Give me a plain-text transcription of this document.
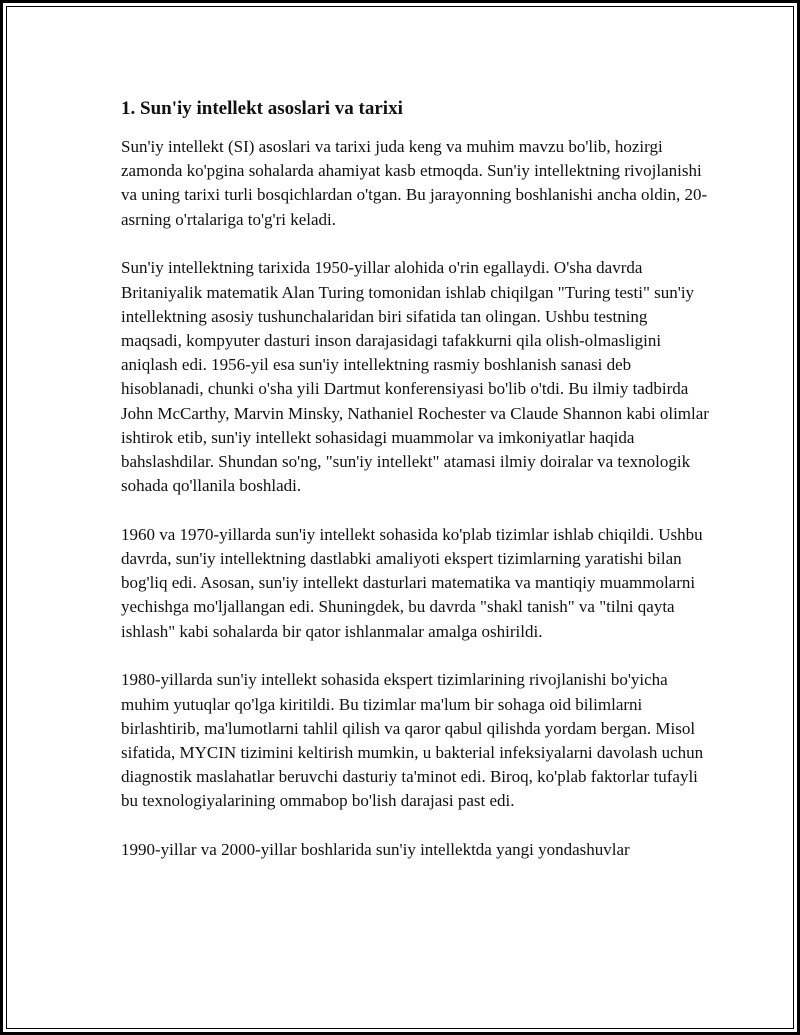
1. Sun'iy intellekt asoslari va tarixi

Sun'iy intellekt (SI) asoslari va tarixi juda keng va muhim mavzu bo'lib, hozirgi zamonda ko'pgina sohalarda ahamiyat kasb etmoqda. Sun'iy intellektning rivojlanishi va uning tarixi turli bosqichlardan o'tgan. Bu jarayonning boshlanishi ancha oldin, 20-asrning o'rtalariga to'g'ri keladi.

Sun'iy intellektning tarixida 1950-yillar alohida o'rin egallaydi. O'sha davrda Britaniyalik matematik Alan Turing tomonidan ishlab chiqilgan "Turing testi" sun'iy intellektning asosiy tushunchalaridan biri sifatida tan olingan. Ushbu testning maqsadi, kompyuter dasturi inson darajasidagi tafakkurni qila olish-olmasligini aniqlash edi. 1956-yil esa sun'iy intellektning rasmiy boshlanish sanasi deb hisoblanadi, chunki o'sha yili Dartmut konferensiyasi bo'lib o'tdi. Bu ilmiy tadbirda John McCarthy, Marvin Minsky, Nathaniel Rochester va Claude Shannon kabi olimlar ishtirok etib, sun'iy intellekt sohasidagi muammolar va imkoniyatlar haqida bahslashdilar. Shundan so'ng, "sun'iy intellekt" atamasi ilmiy doiralar va texnologik sohada qo'llanila boshladi.

1960 va 1970-yillarda sun'iy intellekt sohasida ko'plab tizimlar ishlab chiqildi. Ushbu davrda, sun'iy intellektning dastlabki amaliyoti ekspert tizimlarning yaratishi bilan bog'liq edi. Asosan, sun'iy intellekt dasturlari matematika va mantiqiy muammolarni yechishga mo'ljallangan edi. Shuningdek, bu davrda "shakl tanish" va "tilni qayta ishlash" kabi sohalarda bir qator ishlanmalar amalga oshirildi.

1980-yillarda sun'iy intellekt sohasida ekspert tizimlarining rivojlanishi bo'yicha muhim yutuqlar qo'lga kiritildi. Bu tizimlar ma'lum bir sohaga oid bilimlarni birlashtirib, ma'lumotlarni tahlil qilish va qaror qabul qilishda yordam bergan. Misol sifatida, MYCIN tizimini keltirish mumkin, u bakterial infeksiyalarni davolash uchun diagnostik maslahatlar beruvchi dasturiy ta'minot edi. Biroq, ko'plab faktorlar tufayli bu texnologiyalarining ommabop bo'lish darajasi past edi.

1990-yillar va 2000-yillar boshlarida sun'iy intellektda yangi yondashuvlar
